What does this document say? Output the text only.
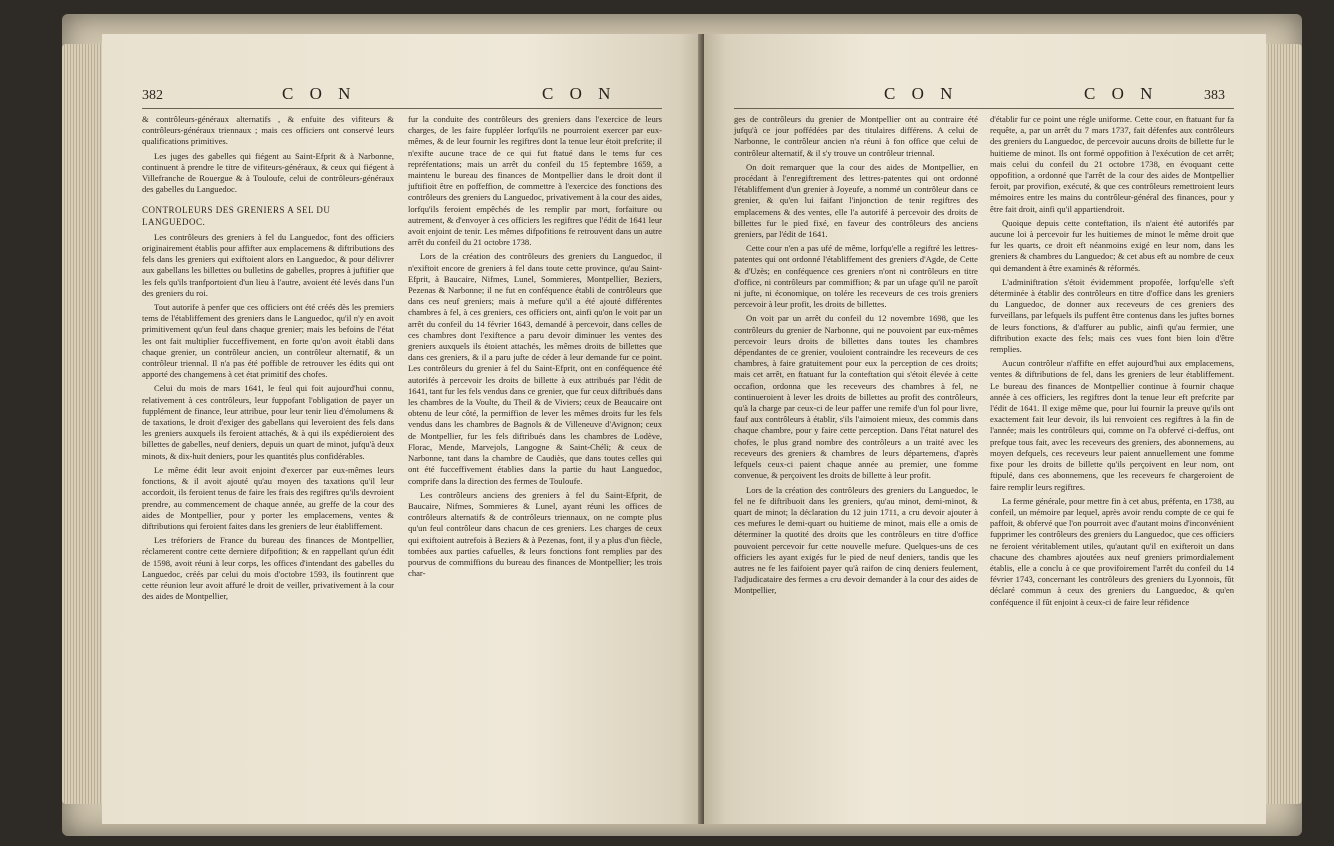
382	C O N	C O N

& contrôleurs-généraux alternatifs , & enfuite des vifiteurs & contrôleurs-généraux triennaux ; mais ces officiers ont conservé leurs qualifications primitives.

Les juges des gabelles qui fiégent au Saint-Efprit & à Narbonne, continuent à prendre le titre de vifiteurs-généraux, & ceux qui fiégent à Villefranche de Rouergue & à Touloufe, celui de contrôleurs-généraux des gabelles du Languedoc.

CONTROLEURS DES GRENIERS A SEL DU LANGUEDOC.

Les contrôleurs des greniers à fel du Languedoc, font des officiers originairement établis pour affifter aux emplacemens & diftributions des fels dans les greniers qui exiftoient alors en Languedoc, & pour délivrer aux gabellans les billettes ou bulletins de gabelles, propres à juftifier que les fels qu'ils tranfportoient d'un lieu à l'autre, avoient été levés dans l'un des greniers du roi.

Tout autorife à penfer que ces officiers ont été créés dès les premiers tems de l'établiffement des greniers dans le Languedoc, qu'il n'y en avoit primitivement qu'un feul dans chaque grenier; mais les befoins de l'état les ont fait multiplier fucceffivement, en forte qu'on avoit établi dans chaque grenier, un contrôleur ancien, un contrôleur alternatif, & un contrôleur triennal. Il n'a pas été poffible de retrouver les édits qui ont apporté des changemens à cet état primitif des chofes.

Celui du mois de mars 1641, le feul qui foit aujourd'hui connu, relativement à ces contrôleurs, leur fuppofant l'obligation de payer un fupplément de finance, leur attribue, pour leur tenir lieu d'émolumens & de taxations, le droit d'exiger des gabellans qui leveroient des fels dans les greniers auxquels ils feroient attachés, & à qui ils expédieroient des billettes de gabelles, neuf deniers, depuis un quart de minot, jufqu'à deux minots, & dix-huit deniers, pour les quantités plus confidérables.

Le même édit leur avoit enjoint d'exercer par eux-mêmes leurs fonctions, & il avoit ajouté qu'au moyen des taxations qu'il leur accordoit, ils feroient tenus de faire les frais des regiftres qu'ils devroient prendre, au commencement de chaque année, au greffe de la cour des aides de Montpellier, pour y porter les emplacemens, ventes & diftributions qui feroient faites dans les greniers de leur établiffement.

Les tréforiers de France du bureau des finances de Montpellier, réclamerent contre cette derniere difpofition; & en rappellant qu'un édit de 1598, avoit réuni à leur corps, les offices d'intendant des gabelles du Languedoc, créés par celui du mois d'octobre 1593, ils foutinrent que cette réunion leur avoit affuré le droit de veiller, privativement à la cour des aides de Montpellier,

fur la conduite des contrôleurs des greniers dans l'exercice de leurs charges, de les faire fuppléer lorfqu'ils ne pourroient exercer par eux-mêmes, & de leur fournir les regiftres dont la tenue leur étoit prefcrite; il n'exifte aucune trace de ce qui fut ftatué dans le tems fur ces repréfentations; mais un arrêt du confeil du 15 feptembre 1659, a maintenu le bureau des finances de Montpellier dans le droit dont il juftifioit être en poffeffion, de commettre à l'exercice des fonctions des contrôleurs des greniers du Languedoc, privativement à la cour des aides, lorfqu'ils feroient empêchés de les remplir par mort, forfaiture ou autrement, & d'envoyer à ces officiers les regiftres que l'édit de 1641 leur avoit enjoint de tenir. Les mêmes difpofitions fe retrouvent dans un autre arrêt du confeil du 21 octobre 1738.

Lors de la création des contrôleurs des greniers du Languedoc, il n'exiftoit encore de greniers à fel dans toute cette province, qu'au Saint-Efprit, à Baucaire, Nifmes, Lunel, Sommieres, Montpellier, Beziers, Pezenas & Narbonne; il ne fut en conféquence établi de contrôleurs que dans ces neuf greniers; mais à mefure qu'il a été ajouté différentes chambres à fel, à ces greniers, ces officiers ont, ainfi qu'on le voit par un arrêt du confeil du 14 février 1643, demandé à percevoir, dans celles de ces chambres dont l'exiftence a paru devoir diminuer les ventes des greniers auxquels ils étoient attachés, les mêmes droits de billettes que dans ces greniers, & il a paru jufte de céder à leur demande fur ce point. Les contrôleurs du grenier à fel du Saint-Efprit, ont en conféquence été autorifés à percevoir les droits de billette à eux attribués par l'édit de 1641, tant fur les fels vendus dans ce grenier, que fur ceux diftribués dans les chambres de la Voulte, du Theil & de Viviers; ceux de Beaucaire ont obtenu de leur côté, la permiffion de lever les mêmes droits fur les fels vendus dans les chambres de Bagnols & de Villeneuve d'Avignon; ceux de Montpellier, fur les fels diftribués dans les chambres de Lodève, Florac, Mende, Marvejols, Langogne & Saint-Chéli; & ceux de Narbonne, tant dans la chambre de Caudiès, que dans toutes celles qui ont été fucceffivement établies dans la partie du haut Languedoc, comprife dans la direction des fermes de Touloufe.

Les contrôleurs anciens des greniers à fel du Saint-Efprit, de Baucaire, Nifmes, Sommieres & Lunel, ayant réuni les offices de contrôleurs alternatifs & de contrôleurs triennaux, on ne compte plus qu'un feul contrôleur dans chacun de ces greniers. Les charges de ceux qui exiftoient autrefois à Beziers & à Pezenas, font, il y a plus d'un fiècle, tombées aux parties cafuelles, & leurs fonctions font remplies par des pourvus de commiffions du bureau des finances de Montpellier; les trois char-

C O N	C O N	383

ges de contrôleurs du grenier de Montpellier ont au contraire été jufqu'à ce jour poffédées par des titulaires différens. A celui de Narbonne, le contrôleur ancien n'a réuni à fon office que celui de contrôleur alternatif, & il s'y trouve un contrôleur triennal.

On doit remarquer que la cour des aides de Montpellier, en procédant à l'enregiftrement des lettres-patentes qui ont ordonné l'établiffement d'un grenier à Joyeufe, a nommé un contrôleur dans ce grenier, & qu'en lui faifant l'injonction de tenir regiftres des emplacemens & des ventes, elle l'a autorifé à percevoir des droits de billettes fur le pied fixé, en faveur des contrôleurs des anciens greniers, par l'édit de 1641.

Cette cour n'en a pas ufé de même, lorfqu'elle a regiftré les lettres-patentes qui ont ordonné l'établiffement des greniers d'Agde, de Cette & d'Uzès; en conféquence ces greniers n'ont ni contrôleurs en titre d'office, ni contrôleurs par commiffion; & par un ufage qu'il ne paroît ni jufte, ni économique, on tolére les receveurs de ces trois greniers percevoir à leur profit, les droits de billettes.

On voit par un arrêt du confeil du 12 novembre 1698, que les contrôleurs du grenier de Narbonne, qui ne pouvoient par eux-mêmes percevoir leurs droits de billettes dans toutes les chambres dépendantes de ce grenier, vouloient contraindre les receveurs de ces chambres, à faire gratuitement pour eux la perception de ces droits; mais cet arrêt, en ftatuant fur la conteftation qui s'étoit élevée à cette occafion, ordonna que les receveurs des chambres à fel, ne continueroient à lever les droits de billettes au profit des contrôleurs, qu'à la charge par ceux-ci de leur paffer une remife d'un fol pour livre, fauf aux contrôleurs à établir, s'ils l'aimoient mieux, des commis dans chaque chambre, pour y faire cette perception. Dans l'état naturel des chofes, le plus grand nombre des contrôleurs a un traité avec les receveurs des greniers & chambres de leurs départemens, d'après lefquels ceux-ci paient chaque année au premier, une fomme convenue, & perçoivent les droits de billette à leur profit.

Lors de la création des contrôleurs des greniers du Languedoc, le fel ne fe diftribuoit dans les greniers, qu'au minot, demi-minot, & quart de minot; la déclaration du 12 juin 1711, a cru devoir ajouter à ces mefures le demi-quart ou huitieme de minot, mais elle a omis de déterminer la quotité des droits que les contrôleurs en titre d'office pouvoient percevoir fur cette nouvelle mefure. Quelques-uns de ces officiers les ayant exigés fur le pied de neuf deniers, tandis que les autres ne fe les faifoient payer qu'à raifon de cinq deniers feulement, l'adjudicataire des fermes a cru devoir demander à la cour des aides de Montpellier,

d'établir fur ce point une régle uniforme. Cette cour, en ftatuant fur fa requête, a, par un arrêt du 7 mars 1737, fait défenfes aux contrôleurs des greniers du Languedoc, de percevoir aucuns droits de billette fur le huitieme de minot. Ils ont formé oppofition à l'exécution de cet arrêt; mais celui du confeil du 21 octobre 1738, en évoquant cette oppofition, a ordonné que l'arrêt de la cour des aides de Montpellier feroit, par provifion, exécuté, & que ces contrôleurs remettroient leurs mémoires entre les mains du contrôleur-général des finances, pour y être fait droit, ainfi qu'il appartiendroit.

Quoique depuis cette conteftation, ils n'aient été autorifés par aucune loi à percevoir fur les huitiemes de minot le même droit que fur les quarts, ce droit eft néanmoins exigé en leur nom, dans les greniers & chambres du Languedoc; & cet abus eft au nombre de ceux qui demandent à être examinés & réformés.

L'adminiftration s'étoit évidemment propofée, lorfqu'elle s'eft déterminée à établir des contrôleurs en titre d'office dans les greniers du Languedoc, de donner aux receveurs de ces greniers des furveillans, par lefquels ils puffent être contenus dans les juftes bornes de leurs fonctions, & d'affurer au public, ainfi qu'au fermier, une diftribution exacte des fels; mais ces vues font bien loin d'être remplies.

Aucun contrôleur n'affifte en effet aujourd'hui aux emplacemens, ventes & diftributions de fel, dans les greniers de leur établiffement. Le bureau des finances de Montpellier continue à fournir chaque année à ces officiers, les regiftres dont la tenue leur eft prefcrite par l'édit de 1641. Il exige même que, pour lui fournir la preuve qu'ils ont exactement fait leur devoir, ils lui renvoient ces regiftres à la fin de l'année; mais les contrôleurs qui, comme on l'a obfervé ci-deffus, ont prefque tous fait, avec les receveurs des greniers, des abonnemens, au moyen defquels, ces receveurs leur paient annuellement une fomme fixe pour les droits de billette qu'ils perçoivent en leur nom, ont ftipulé, dans ces abonnemens, que les receveurs fe chargeroient de faire remplir leurs regiftres.

La ferme générale, pour mettre fin à cet abus, préfenta, en 1738, au confeil, un mémoire par lequel, après avoir rendu compte de ce qui fe paffoit, & obfervé que l'on pourroit avec d'autant moins d'inconvénient fupprimer les contrôleurs des greniers du Languedoc, que ces officiers ne feroient véritablement utiles, qu'autant qu'il en exifteroit un dans chacune des chambres ajoutées aux neuf greniers primordialement établis, elle a conclu à ce que provifoirement l'arrêt du confeil du 14 février 1743, concernant les contrôleurs des greniers du Lyonnois, fût déclaré commun à ceux des greniers du Languedoc, & qu'en conféquence il fût enjoint à ceux-ci de faire leur réfidence
